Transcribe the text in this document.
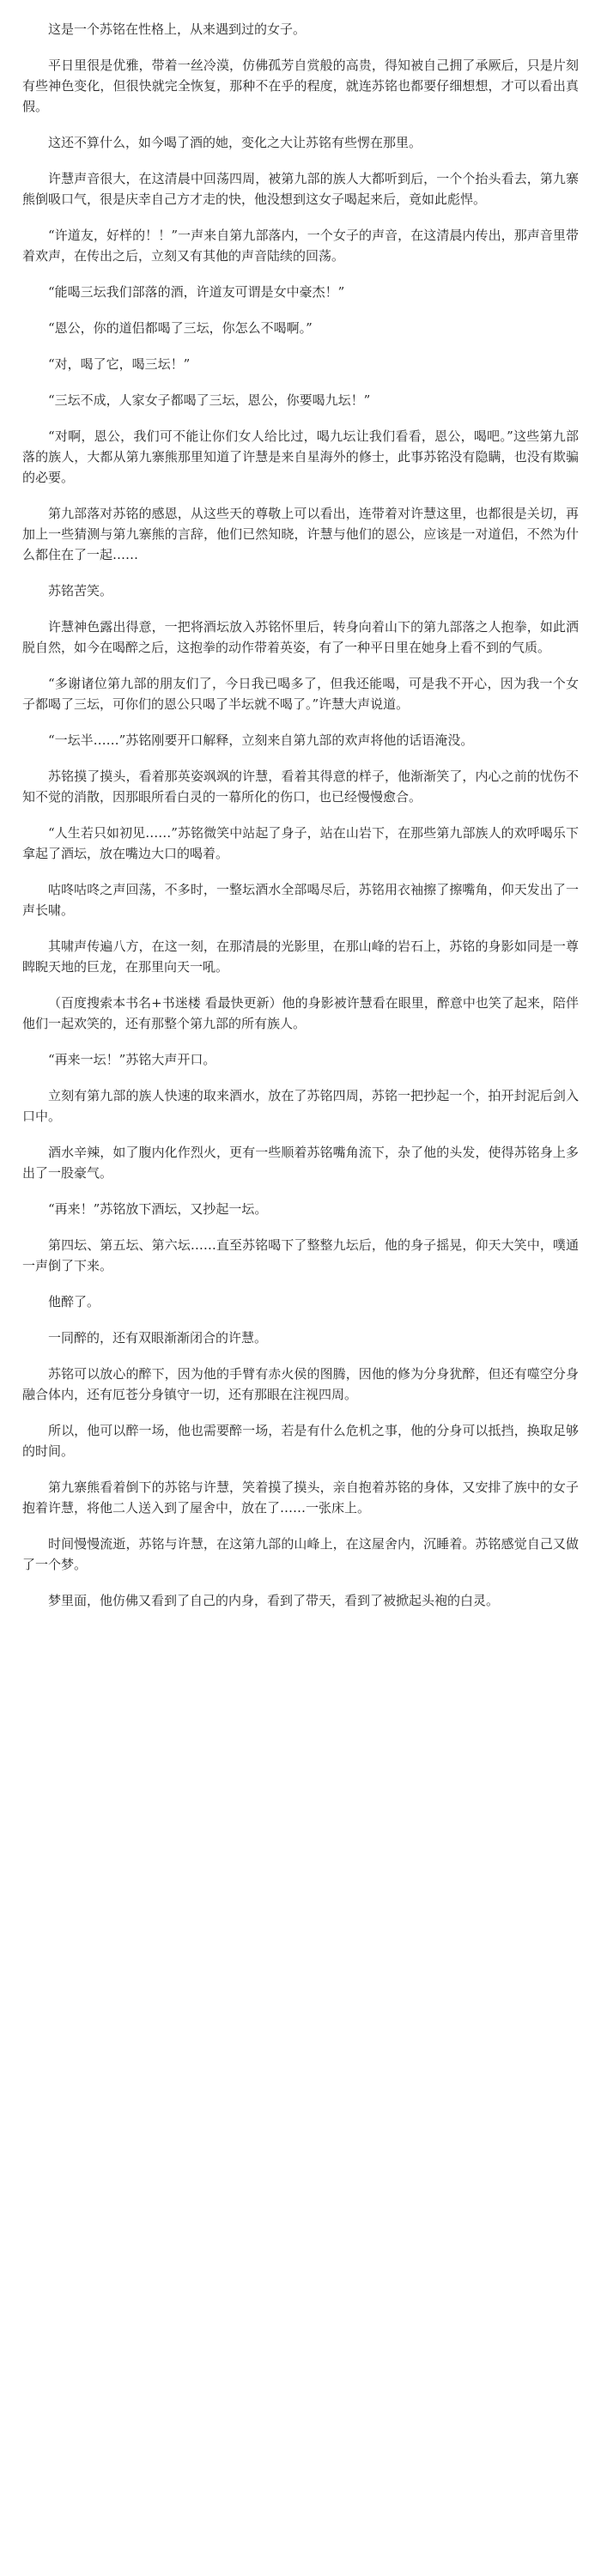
这是一个苏铭在性格上，从来遇到过的女子。
平日里很是优雅，带着一丝冷漠，仿佛孤芳自赏般的高贵，得知被自己拥了承厥后，只是片刻有些神色变化，但很快就完全恢复，那种不在乎的程度，就连苏铭也都要仔细想想，才可以看出真假。
这还不算什么，如今喝了酒的她，变化之大让苏铭有些愣在那里。
许慧声音很大，在这清晨中回荡四周，被第九部的族人大都听到后，一个个抬头看去，第九寨熊倒吸口气，很是庆幸自己方才走的快，他没想到这女子喝起来后，竟如此彪悍。
“许道友，好样的！！”一声来自第九部落内，一个女子的声音，在这清晨内传出，那声音里带着欢声，在传出之后，立刻又有其他的声音陆续的回荡。
“能喝三坛我们部落的酒，许道友可谓是女中豪杰！”
“恩公，你的道侣都喝了三坛，你怎么不喝啊。”
“对，喝了它，喝三坛！”
“三坛不成，人家女子都喝了三坛，恩公，你要喝九坛！”
“对啊，恩公，我们可不能让你们女人给比过，喝九坛让我们看看，恩公，喝吧。”这些第九部落的族人，大都从第九寨熊那里知道了许慧是来自星海外的修士，此事苏铭没有隐瞒，也没有欺骗的必要。
第九部落对苏铭的感恩，从这些天的尊敬上可以看出，连带着对许慧这里，也都很是关切，再加上一些猜测与第九寨熊的言辞，他们已然知晓，许慧与他们的恩公，应该是一对道侣，不然为什么都住在了一起……
苏铭苦笑。
许慧神色露出得意，一把将酒坛放入苏铭怀里后，转身向着山下的第九部落之人抱拳，如此洒脱自然，如今在喝醉之后，这抱拳的动作带着英姿，有了一种平日里在她身上看不到的气质。
“多谢诸位第九部的朋友们了，今日我已喝多了，但我还能喝，可是我不开心，因为我一个女子都喝了三坛，可你们的恩公只喝了半坛就不喝了。”许慧大声说道。
“一坛半……”苏铭刚要开口解释，立刻来自第九部的欢声将他的话语淹没。
苏铭摸了摸头，看着那英姿飒飒的许慧，看着其得意的样子，他渐渐笑了，内心之前的忧伤不知不觉的消散，因那眼所看白灵的一幕所化的伤口，也已经慢慢愈合。
“人生若只如初见……”苏铭微笑中站起了身子，站在山岩下，在那些第九部族人的欢呼喝乐下拿起了酒坛，放在嘴边大口的喝着。
咕咚咕咚之声回荡，不多时，一整坛酒水全部喝尽后，苏铭用衣袖擦了擦嘴角，仰天发出了一声长啸。
其啸声传遍八方，在这一刻，在那清晨的光影里，在那山峰的岩石上，苏铭的身影如同是一尊睥睨天地的巨龙，在那里向天一吼。
（百度搜索本书名+书迷楼 看最快更新）他的身影被许慧看在眼里，醉意中也笑了起来，陪伴他们一起欢笑的，还有那整个第九部的所有族人。
“再来一坛！”苏铭大声开口。
立刻有第九部的族人快速的取来酒水，放在了苏铭四周，苏铭一把抄起一个，拍开封泥后剑入口中。
酒水辛辣，如了腹内化作烈火，更有一些顺着苏铭嘴角流下，杂了他的头发，使得苏铭身上多出了一股豪气。
“再来！”苏铭放下酒坛，又抄起一坛。
第四坛、第五坛、第六坛……直至苏铭喝下了整整九坛后，他的身子摇晃，仰天大笑中，噗通一声倒了下来。
他醉了。
一同醉的，还有双眼渐渐闭合的许慧。
苏铭可以放心的醉下，因为他的手臂有赤火侯的图腾，因他的修为分身犹醉，但还有噬空分身融合体内，还有厄苍分身镇守一切，还有那眼在注视四周。
所以，他可以醉一场，他也需要醉一场，若是有什么危机之事，他的分身可以抵挡，换取足够的时间。
第九寨熊看着倒下的苏铭与许慧，笑着摸了摸头，亲自抱着苏铭的身体，又安排了族中的女子抱着许慧，将他二人送入到了屋舍中，放在了……一张床上。
时间慢慢流逝，苏铭与许慧，在这第九部的山峰上，在这屋舍内，沉睡着。苏铭感觉自己又做了一个梦。
梦里面，他仿佛又看到了自己的内身，看到了带天，看到了被掀起头袍的白灵。
